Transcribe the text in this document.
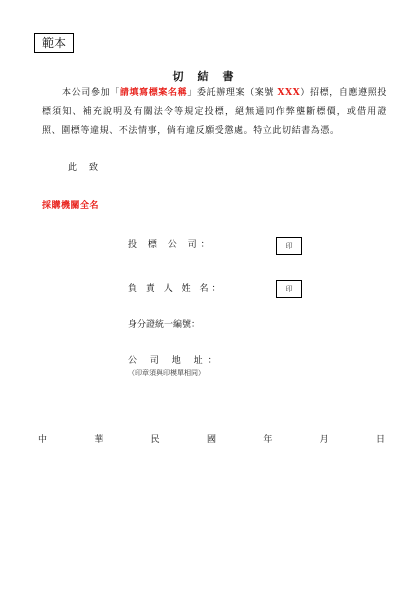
範本
切結書
本公司參加「請填寫標案名稱」委託辦理案（案號 XXX）招標，自應遵照投標須知、補充說明及有關法令等規定投標，絕無通同作弊壟斷標價，或借用證照、圍標等違規、不法情事，倘有違反願受懲處。特立此切結書為憑。
此致
採購機關全名
投 標 公 司：	印
負 責 人 姓 名：	印
身分證統一編號：
公 司 地 址：
（印章須與印模單相同）
中	華	民	國	年	月	日
